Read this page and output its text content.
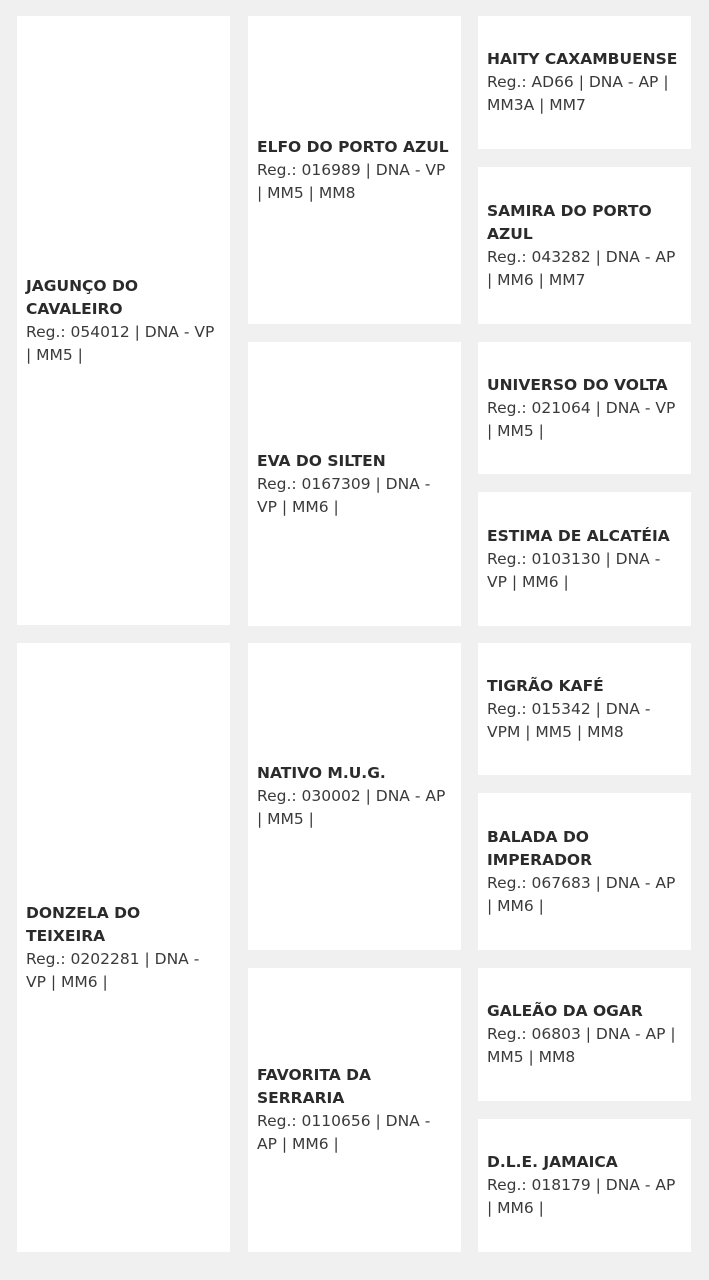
JAGUNÇO DO CAVALEIRO
Reg.: 054012 | DNA - VP | MM5 |
DONZELA DO TEIXEIRA
Reg.: 0202281 | DNA - VP | MM6 |
ELFO DO PORTO AZUL
Reg.: 016989 | DNA - VP | MM5 | MM8
EVA DO SILTEN
Reg.: 0167309 | DNA - VP | MM6 |
NATIVO M.U.G.
Reg.: 030002 | DNA - AP | MM5 |
FAVORITA DA SERRARIA
Reg.: 0110656 | DNA - AP | MM6 |
HAITY CAXAMBUENSE
Reg.: AD66 | DNA - AP | MM3A | MM7
SAMIRA DO PORTO AZUL
Reg.: 043282 | DNA - AP | MM6 | MM7
UNIVERSO DO VOLTA
Reg.: 021064 | DNA - VP | MM5 |
ESTIMA DE ALCATÉIA
Reg.: 0103130 | DNA - VP | MM6 |
TIGRÃO KAFÉ
Reg.: 015342 | DNA - VPM | MM5 | MM8
BALADA DO IMPERADOR
Reg.: 067683 | DNA - AP | MM6 |
GALEÃO DA OGAR
Reg.: 06803 | DNA - AP | MM5 | MM8
D.L.E. JAMAICA
Reg.: 018179 | DNA - AP | MM6 |
